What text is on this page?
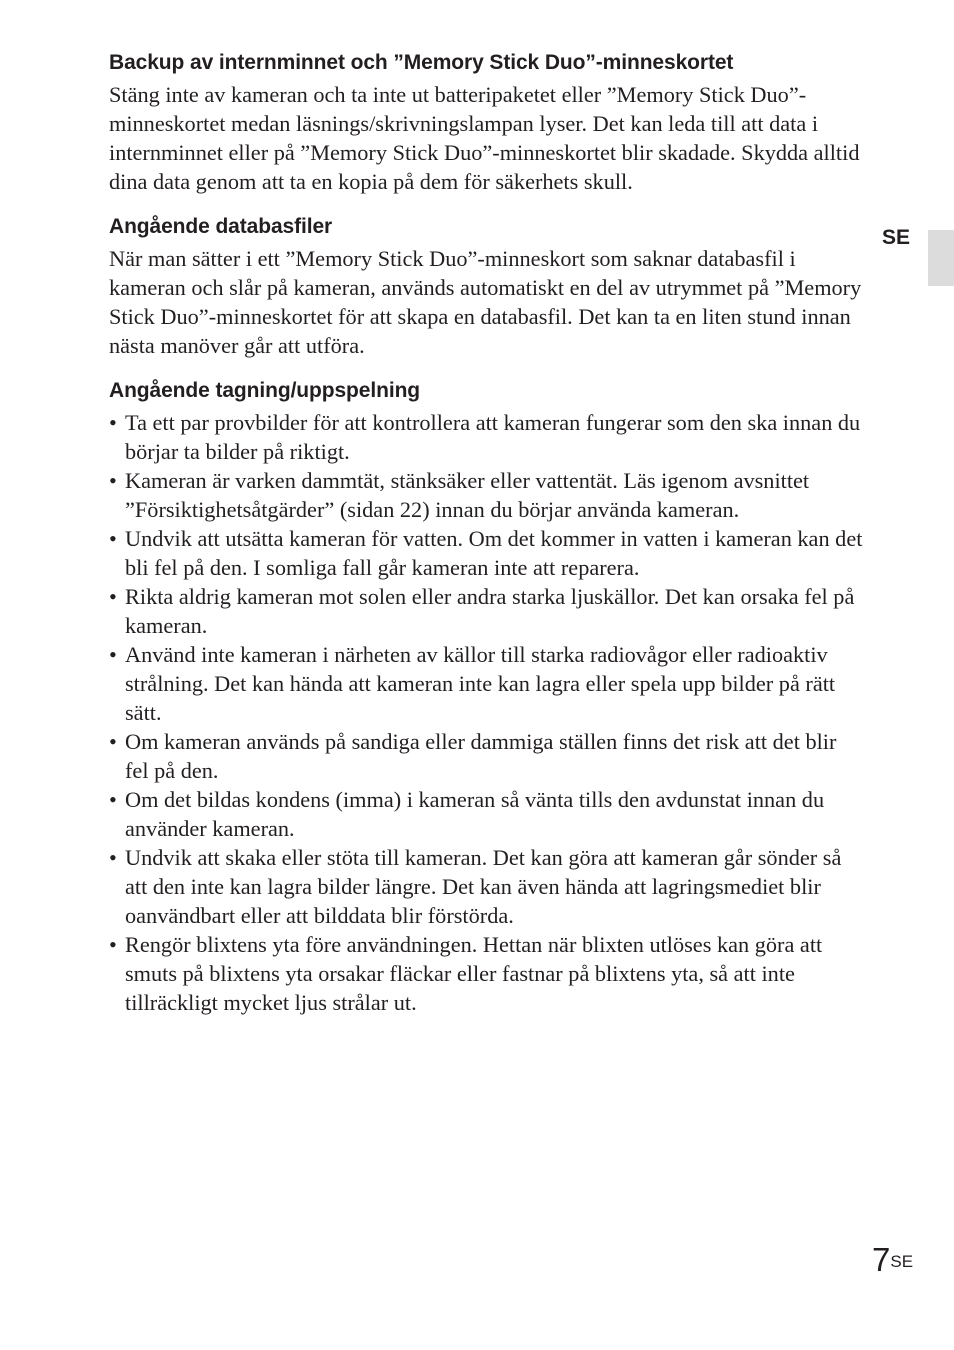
SE
Backup av internminnet och ”Memory Stick Duo”-minneskortet

Stäng inte av kameran och ta inte ut batteripaketet eller ”Memory Stick Duo”-minneskortet medan läsnings/skrivningslampan lyser. Det kan leda till att data i internminnet eller på ”Memory Stick Duo”-minneskortet blir skadade. Skydda alltid dina data genom att ta en kopia på dem för säkerhets skull.

Angående databasfiler

När man sätter i ett ”Memory Stick Duo”-minneskort som saknar databasfil i kameran och slår på kameran, används automatiskt en del av utrymmet på ”Memory Stick Duo”-minneskortet för att skapa en databasfil. Det kan ta en liten stund innan nästa manöver går att utföra.

Angående tagning/uppspelning
• Ta ett par provbilder för att kontrollera att kameran fungerar som den ska innan du börjar ta bilder på riktigt.
• Kameran är varken dammtät, stänksäker eller vattentät. Läs igenom avsnittet ”Försiktighetsåtgärder” (sidan 22) innan du börjar använda kameran.
• Undvik att utsätta kameran för vatten. Om det kommer in vatten i kameran kan det bli fel på den. I somliga fall går kameran inte att reparera.
• Rikta aldrig kameran mot solen eller andra starka ljuskällor. Det kan orsaka fel på kameran.
• Använd inte kameran i närheten av källor till starka radiovågor eller radioaktiv strålning. Det kan hända att kameran inte kan lagra eller spela upp bilder på rätt sätt.
• Om kameran används på sandiga eller dammiga ställen finns det risk att det blir fel på den.
• Om det bildas kondens (imma) i kameran så vänta tills den avdunstat innan du använder kameran.
• Undvik att skaka eller stöta till kameran. Det kan göra att kameran går sönder så att den inte kan lagra bilder längre. Det kan även hända att lagringsmediet blir oanvändbart eller att bilddata blir förstörda.
• Rengör blixtens yta före användningen. Hettan när blixten utlöses kan göra att smuts på blixtens yta orsakar fläckar eller fastnar på blixtens yta, så att inte tillräckligt mycket ljus strålar ut.
$7^{SE}$
